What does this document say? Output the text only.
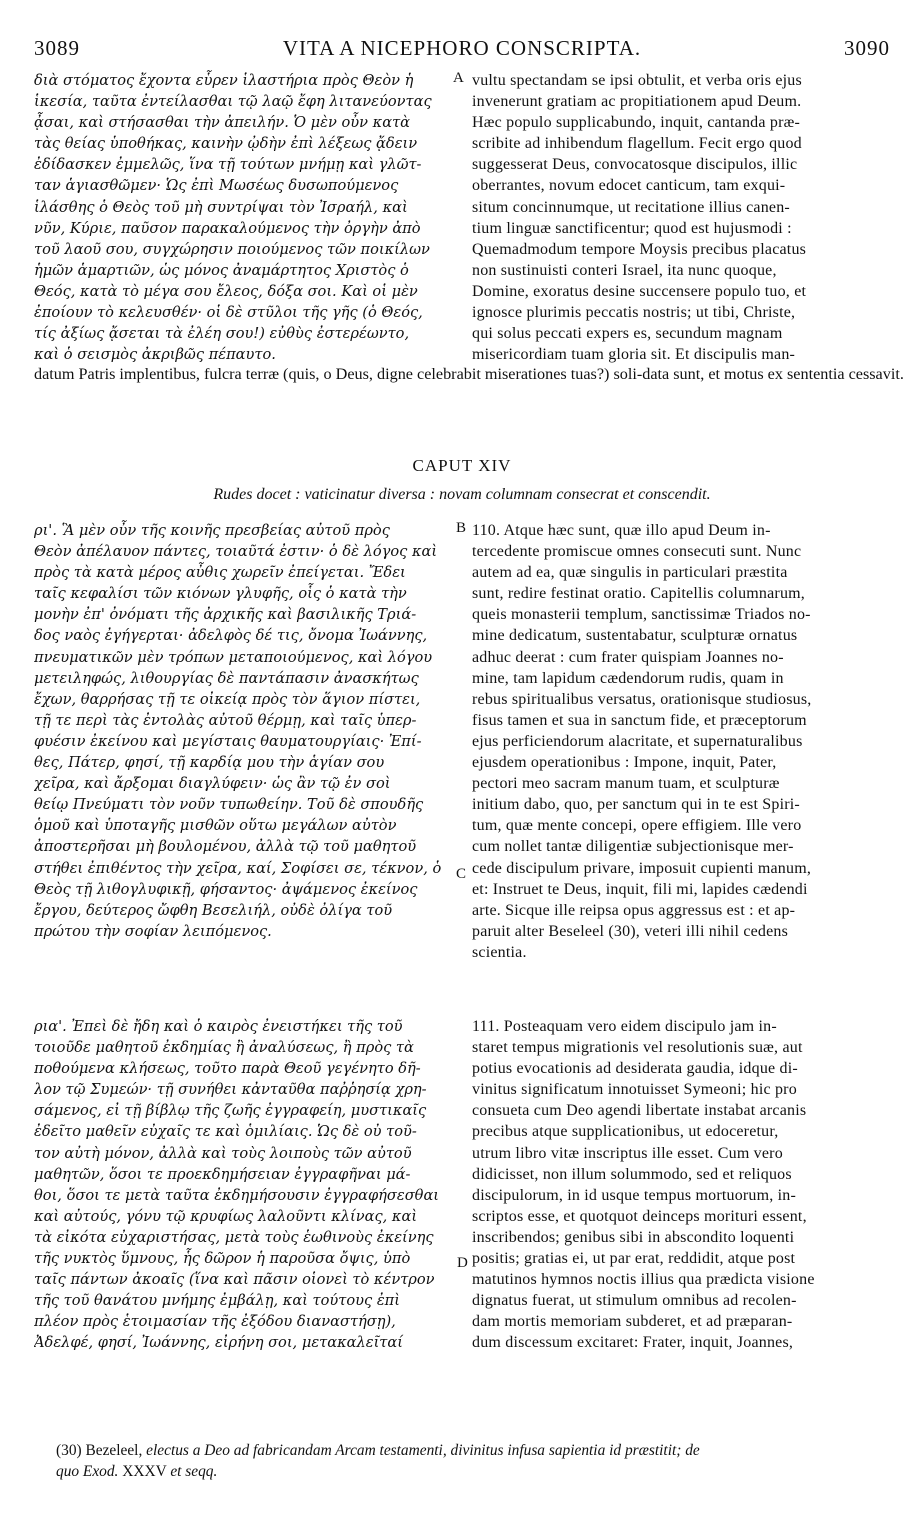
3089	VITA A NICEPHORO CONSCRIPTA.	3090
διὰ στόματος ἔχοντα εὗρεν ἱλαστήρια πρὸς Θεὸν ἡ
ἱκεσία, ταῦτα ἐντείλασθαι τῷ λαῷ ἔφη λιτανεύοντας
ᾆσαι, καὶ στήσασθαι τὴν ἀπειλήν. Ὁ μὲν οὖν κατὰ
τὰς θείας ὑποθήκας, καινὴν ᾠδὴν ἐπὶ λέξεως ᾄδειν
ἐδίδασκεν ἐμμελῶς, ἵνα τῇ τούτων μνήμῃ καὶ γλῶτ-
ταν ἁγιασθῶμεν· Ὡς ἐπὶ Μωσέως δυσωπούμενος
ἱλάσθης ὁ Θεὸς τοῦ μὴ συντρίψαι τὸν Ἰσραήλ, καὶ
νῦν, Κύριε, παῦσον παρακαλούμενος τὴν ὀργὴν ἀπὸ
τοῦ λαοῦ σου, συγχώρησιν ποιούμενος τῶν ποικίλων
ἡμῶν ἁμαρτιῶν, ὡς μόνος ἀναμάρτητος Χριστὸς ὁ
Θεός, κατὰ τὸ μέγα σου ἔλεος, δόξα σοι. Καὶ οἱ μὲν
ἐποίουν τὸ κελευσθέν· οἱ δὲ στῦλοι τῆς γῆς (ὁ Θεός,
τίς ἀξίως ᾄσεται τὰ ἐλέη σου!) εὐθὺς ἐστερέωντο,
καὶ ὁ σεισμὸς ἀκριβῶς πέπαυτο.
vultu spectandam se ipsi obtulit, et verba oris ejus
invenerunt gratiam ac propitiationem apud Deum.
Hæc populo supplicabundo, inquit, cantanda præ-
scribite ad inhibendum flagellum. Fecit ergo quod
suggesserat Deus, convocatosque discipulos, illic
oberrantes, novum edocet canticum, tam exqui-
situm concinnumque, ut recitatione illius canen-
tium linguæ sanctificentur; quod est hujusmodi :
Quemadmodum tempore Moysis precibus placatus
non sustinuisti conteri Israel, ita nunc quoque,
Domine, exoratus desine succensere populo tuo, et
ignosce plurimis peccatis nostris; ut tibi, Christe,
qui solus peccati expers es, secundum magnam
misericordiam tuam gloria sit. Et discipulis man-
A
datum Patris implentibus, fulcra terræ (quis, o Deus, digne celebrabit miserationes tuas?) soli-data sunt, et motus ex sententia cessavit.
CAPUT XIV
Rudes docet : vaticinatur diversa : novam columnam consecrat et conscendit.
ρι'. Ἃ μὲν οὖν τῆς κοινῆς πρεσβείας αὐτοῦ πρὸς
Θεὸν ἀπέλαυον πάντες, τοιαῦτά ἐστιν· ὁ δὲ λόγος καὶ
πρὸς τὰ κατὰ μέρος αὖθις χωρεῖν ἐπείγεται. Ἔδει
ταῖς κεφαλίσι τῶν κιόνων γλυφῆς, οἷς ὁ κατὰ τὴν
μονὴν ἐπ' ὀνόματι τῆς ἀρχικῆς καὶ βασιλικῆς Τριά-
δος ναὸς ἐγήγερται· ἀδελφὸς δέ τις, ὄνομα Ἰωάννης,
πνευματικῶν μὲν τρόπων μεταποιούμενος, καὶ λόγου
μετειληφώς, λιθουργίας δὲ παντάπασιν ἀνασκήτως
ἔχων, θαρρήσας τῇ τε οἰκείᾳ πρὸς τὸν ἅγιον πίστει,
τῇ τε περὶ τὰς ἐντολὰς αὐτοῦ θέρμῃ, καὶ ταῖς ὑπερ-
φυέσιν ἐκείνου καὶ μεγίσταις θαυματουργίαις· Ἐπί-
θες, Πάτερ, φησί, τῇ καρδίᾳ μου τὴν ἁγίαν σου
χεῖρα, καὶ ἄρξομαι διαγλύφειν· ὡς ἂν τῷ ἐν σοὶ
θείῳ Πνεύματι τὸν νοῦν τυπωθείην. Τοῦ δὲ σπουδῆς
ὁμοῦ καὶ ὑποταγῆς μισθῶν οὕτω μεγάλων αὐτὸν
ἀποστερῆσαι μὴ βουλομένου, ἀλλὰ τῷ τοῦ μαθητοῦ
στήθει ἐπιθέντος τὴν χεῖρα, καί, Σοφίσει σε, τέκνον, ὁ
Θεὸς τῇ λιθογλυφικῇ, φήσαντος· ἀψάμενος ἐκείνος
ἔργου, δεύτερος ὤφθη Βεσελιήλ, οὐδὲ ὀλίγα τοῦ
πρώτου τὴν σοφίαν λειπόμενος.
110. Atque hæc sunt, quæ illo apud Deum in-
tercedente promiscue omnes consecuti sunt. Nunc
autem ad ea, quæ singulis in particulari præstita
sunt, redire festinat oratio. Capitellis columnarum,
queis monasterii templum, sanctissimæ Triados no-
mine dedicatum, sustentabatur, sculpturæ ornatus
adhuc deerat : cum frater quispiam Joannes no-
mine, tam lapidum cædendorum rudis, quam in
rebus spiritualibus versatus, orationisque studiosus,
fisus tamen et sua in sanctum fide, et præceptorum
ejus perficiendorum alacritate, et supernaturalibus
ejusdem operationibus : Impone, inquit, Pater,
pectori meo sacram manum tuam, et sculpturæ
initium dabo, quo, per sanctum qui in te est Spiri-
tum, quæ mente concepi, opere effigiem. Ille vero
cum nollet tantæ diligentiæ subjectionisque mer-
cede discipulum privare, imposuit cupienti manum,
et: Instruet te Deus, inquit, fili mi, lapides cædendi
arte. Sicque ille reipsa opus aggressus est : et ap-
paruit alter Beseleel (30), veteri illi nihil cedens
scientia.
B
C
ρια'. Ἐπεὶ δὲ ἤδη καὶ ὁ καιρὸς ἐνειστήκει τῆς τοῦ
τοιοῦδε μαθητοῦ ἐκδημίας ἢ ἀναλύσεως, ἢ πρὸς τὰ
ποθούμενα κλήσεως, τοῦτο παρὰ Θεοῦ γεγένητο δῆ-
λον τῷ Συμεών· τῇ συνήθει κἀνταῦθα παῤῥησίᾳ χρη-
σάμενος, εἰ τῇ βίβλῳ τῆς ζωῆς ἐγγραφείη, μυστικαῖς
ἐδεῖτο μαθεῖν εὐχαῖς τε καὶ ὁμιλίαις. Ὡς δὲ οὐ τοῦ-
τον αὐτὴ μόνον, ἀλλὰ καὶ τοὺς λοιποὺς τῶν αὐτοῦ
μαθητῶν, ὅσοι τε προεκδημήσειαν ἐγγραφῆναι μά-
θοι, ὅσοι τε μετὰ ταῦτα ἐκδημήσουσιν ἐγγραφήσεσθαι
καὶ αὐτούς, γόνυ τῷ κρυφίως λαλοῦντι κλίνας, καὶ
τὰ εἰκότα εὐχαριστήσας, μετὰ τοὺς ἑωθινοὺς ἐκείνης
τῆς νυκτὸς ὕμνους, ἧς δῶρον ἡ παροῦσα ὄψις, ὑπὸ
ταῖς πάντων ἀκοαῖς (ἵνα καὶ πᾶσιν οἱονεὶ τὸ κέντρον
τῆς τοῦ θανάτου μνήμης ἐμβάλῃ, καὶ τούτους ἐπὶ
πλέον πρὸς ἑτοιμασίαν τῆς ἐξόδου διαναστήσῃ),
Ἀδελφέ, φησί, Ἰωάννης, εἰρήνη σοι, μετακαλεῖταί
111. Posteaquam vero eidem discipulo jam in-
staret tempus migrationis vel resolutionis suæ, aut
potius evocationis ad desiderata gaudia, idque di-
vinitus significatum innotuisset Symeoni; hic pro
consueta cum Deo agendi libertate instabat arcanis
precibus atque supplicationibus, ut edoceretur,
utrum libro vitæ inscriptus ille esset. Cum vero
didicisset, non illum solummodo, sed et reliquos
discipulorum, in id usque tempus mortuorum, in-
scriptos esse, et quotquot deinceps morituri essent,
inscribendos; genibus sibi in abscondito loquenti
positis; gratias ei, ut par erat, reddidit, atque post
matutinos hymnos noctis illius qua prædicta visione
dignatus fuerat, ut stimulum omnibus ad recolen-
dam mortis memoriam subderet, et ad præparan-
dum discessum excitaret: Frater, inquit, Joannes,
D
(30) Bezeleel, electus a Deo ad fabricandam Arcam testamenti, divinitus infusa sapientia id præstitit; de
quo Exod. XXXV et seqq.
